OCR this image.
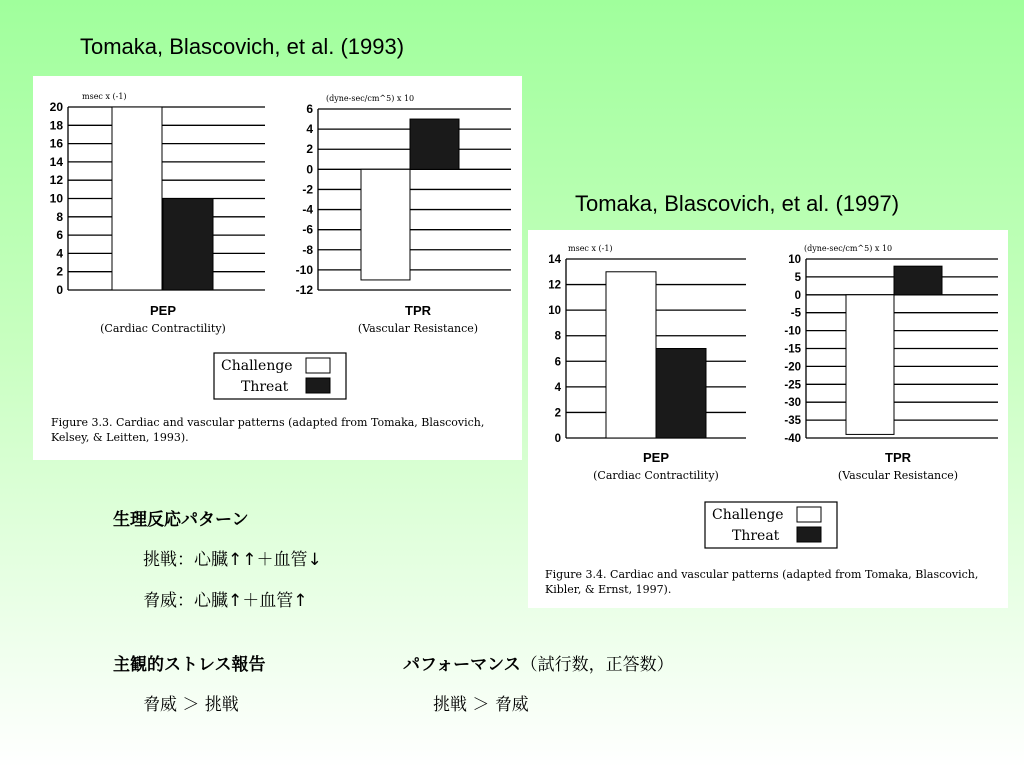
Tomaka, Blascovich, et al. (1993)
msec x (-1)
0
2
4
6
8
10
12
14
16
18
20
PEP
(Cardiac Contractility)
(dyne-sec/cm^5) x 10
-12
-10
-8
-6
-4
-2
0
2
4
6
TPR
(Vascular Resistance)
Challenge
Threat
Figure 3.3. Cardiac and vascular patterns (adapted from Tomaka, Blascovich,
Kelsey, & Leitten, 1993).
Tomaka, Blascovich, et al. (1997)
msec x (-1)
0
2
4
6
8
10
12
14
PEP
(Cardiac Contractility)
(dyne-sec/cm^5) x 10
-40
-35
-30
-25
-20
-15
-10
-5
0
5
10
TPR
(Vascular Resistance)
Challenge
Threat
Figure 3.4. Cardiac and vascular patterns (adapted from Tomaka, Blascovich,
Kibler, & Ernst, 1997).
生理反応パターン
挑戦：心臓↑↑＋血管↓
脅威：心臓↑＋血管↑
主観的ストレス報告
脅威 ＞ 挑戦
パフォーマンス（試行数，正答数）
挑戦 ＞ 脅威
